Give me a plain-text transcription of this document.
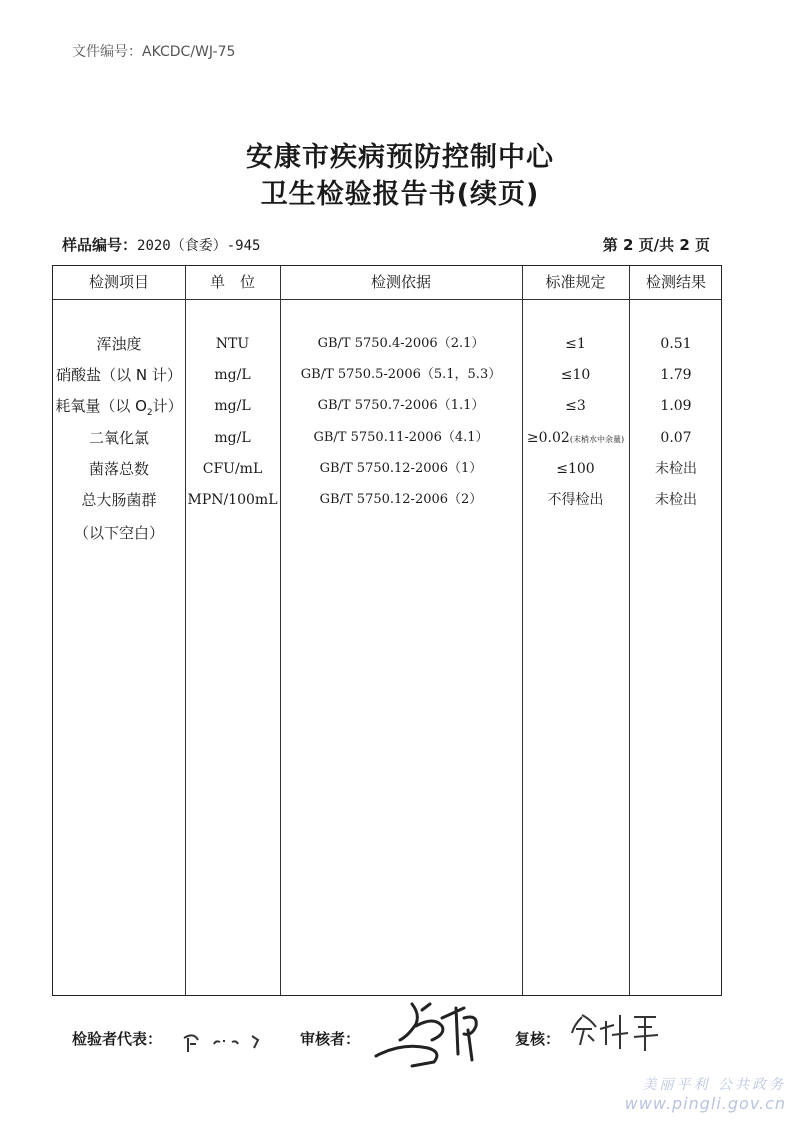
文件编号：AKCDC/WJ-75
安康市疾病预防控制中心
卫生检验报告书(续页)
样品编号：2020（食委）-945	第 2 页/共 2 页
检测项目	单　位	检测依据	标准规定	检测结果
浑浊度	NTU	GB/T 5750.4-2006（2.1）	≤1	0.51
硝酸盐（以 N 计）	mg/L	GB/T 5750.5-2006（5.1，5.3）	≤10	1.79
耗氧量（以 $O_2$计）	mg/L	GB/T 5750.7-2006（1.1）	≤3	1.09
二氧化氯	mg/L	GB/T 5750.11-2006（4.1）	≥0.02(末梢水中余量)	0.07
菌落总数	CFU/mL	GB/T 5750.12-2006（1）	≤100	未检出
总大肠菌群	MPN/100mL	GB/T 5750.12-2006（2）	不得检出	未检出
（以下空白）
检验者代表：	审核者：	复核：
美丽平利 公共政务
www.pingli.gov.cn
